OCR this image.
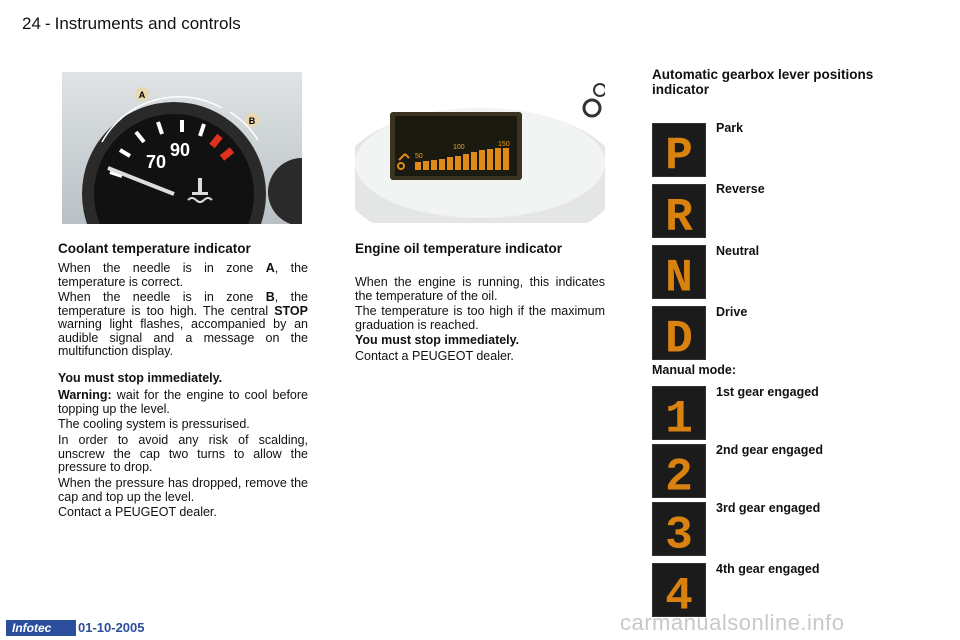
24 - Instruments and controls
A
B
70
90	50
100	150
Coolant temperature indicator
When the needle is in zone A, the temperature is correct.
When the needle is in zone B, the temperature is too high. The central STOP warning light flashes, accompanied by an audible signal and a message on the multifunction display.
You must stop immediately.
Warning: wait for the engine to cool before topping up the level.
The cooling system is pressurised.
In order to avoid any risk of scalding, unscrew the cap two turns to allow the pressure to drop.
When the pressure has dropped, remove the cap and top up the level.
Contact a PEUGEOT dealer.
Engine oil temperature indicator
When the engine is running, this indicates the temperature of the oil.
The temperature is too high if the maximum graduation is reached.
You must stop immediately.
Contact a PEUGEOT dealer.
Automatic gearbox lever positions indicator
P
Park
R
Reverse
N
Neutral
D
Drive
1
1st gear engaged
2
2nd gear engaged
3
3rd gear engaged
4
4th gear engaged
Manual mode:
Infotec	01-10-2005	carmanualsonline.info
